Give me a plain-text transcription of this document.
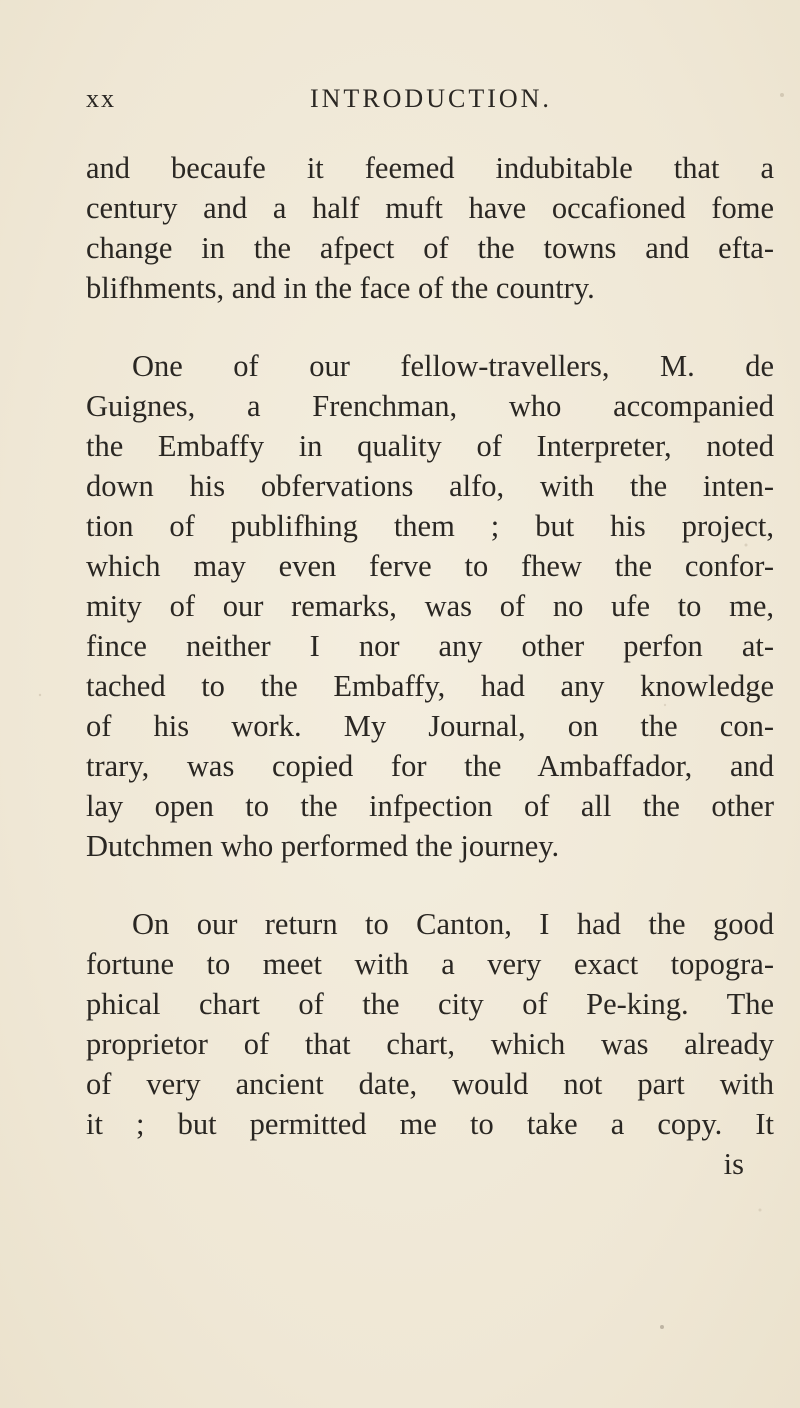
xx	INTRODUCTION.

and becaufe it feemed indubitable that a
century and a half muft have occafioned fome
change in the afpect of the towns and efta-
blifhments, and in the face of the country.

One of our fellow-travellers, M. de
Guignes, a Frenchman, who accompanied
the Embaffy in quality of Interpreter, noted
down his obfervations alfo, with the inten-
tion of publifhing them ; but his project,
which may even ferve to fhew the confor-
mity of our remarks, was of no ufe to me,
fince neither I nor any other perfon at-
tached to the Embaffy, had any knowledge
of his work. My Journal, on the con-
trary, was copied for the Ambaffador, and
lay open to the infpection of all the other
Dutchmen who performed the journey.

On our return to Canton, I had the good
fortune to meet with a very exact topogra-
phical chart of the city of Pe-king. The
proprietor of that chart, which was already
of very ancient date, would not part with
it ; but permitted me to take a copy. It
is
